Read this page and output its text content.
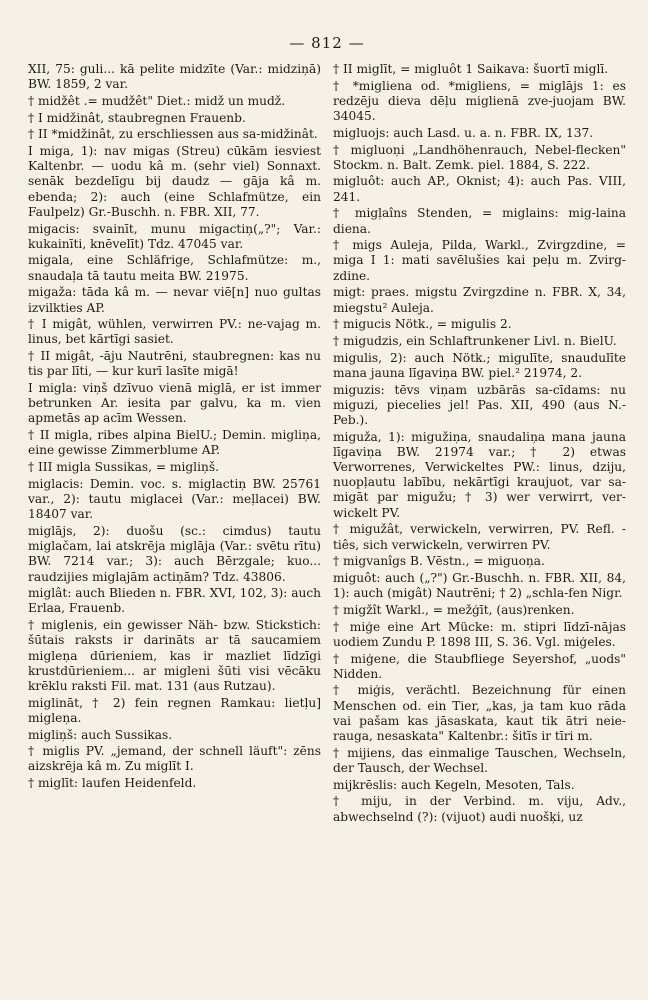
— 812 —

XII, 75: guli... kā pelite midzīte (Var.: midziņā) BW. 1859, 2 var.

† midžêt .= mudžêt" Diet.: midž un mudž.

† I midžinât, staubregnen Frauenb.

† II *midžinât, zu erschliessen aus sa-midžinât.

I miga, 1): nav migas (Streu) cūkām iesviest Kaltenbr. — uodu kâ m. (sehr viel) Sonnaxt. senāk bezdelīgu bij daudz — gāja kâ m. ebenda; 2): auch (eine Schlafmütze, ein Faulpelz) Gr.-Buschh. n. FBR. XII, 77.

migacis: svainīt, munu migactiņ(„?"; Var.: kukainīti, knēvelīt) Tdz. 47045 var.

migala, eine Schläfrige, Schlafmütze: m., snaudaļa tā tautu meita BW. 21975.

migaža: tāda kâ m. — nevar viē[n] nuo gultas izvilkties AP.

† I migât, wühlen, verwirren PV.: ne-vajag m. linus, bet kārtīgi sasiet.

† II migât, -āju Nautrēni, staubregnen: kas nu tis par līti, — kur kurī lasīte migā!

I migla: viņš dzīvuo vienā miglā, er ist immer betrunken Ar. iesita par galvu, ka m. vien apmetās ap acīm Wessen.

† II migla, ribes alpina BielU.; Demin. migliņa, eine gewisse Zimmerblume AP.

† III migla Sussikas, = migliņš.

miglacis: Demin. voc. s. miglactiņ BW. 25761 var., 2): tautu miglacei (Var.: meļlacei) BW. 18407 var.

miglājs, 2): duošu (sc.: cimdus) tautu miglačam, lai atskrēja miglāja (Var.: svētu rītu) BW. 7214 var.; 3): auch Bērzgale; kuo... raudzijies miglajām actiņām? Tdz. 43806.

miglât: auch Blieden n. FBR. XVI, 102, 3): auch Erlaa, Frauenb.

† miglenis, ein gewisser Näh- bzw. Stickstich: šūtais raksts ir darināts ar tā saucamiem migleņa dūrieniem, kas ir mazliet līdzīgi krustdūrieniem... ar migleni šūti visi vēcāku krēklu raksti Fil. mat. 131 (aus Rutzau).

miglināt, † 2) fein regnen Ramkau: lietļu] migleņa.

migliņš: auch Sussikas.

† miglis PV. „jemand, der schnell läuft": zēns aizskrēja kâ m. Zu miglīt I.

† miglīt: laufen Heidenfeld.

† II miglīt, = migluôt 1 Saikava: šuortī miglī.

† *migliena od. *migliens, = miglājs 1: es redzēju dieva dēļu miglienā zve-juojam BW. 34045.

migluojs: auch Lasd. u. a. n. FBR. IX, 137.

† migluoņi „Landhöhenrauch, Nebel-flecken" Stockm. n. Balt. Zemk. piel. 1884, S. 222.

migluôt: auch AP., Oknist; 4): auch Pas. VIII, 241.

† migļaîns Stenden, = miglains: mig-laina diena.

† migs Auleja, Pilda, Warkl., Zvirgzdine, = miga I 1: mati savēlušies kai peļu m. Zvirg-zdine.

migt: praes. migstu Zvirgzdine n. FBR. X, 34, miegstu² Auleja.

† migucis Nötk., = migulis 2.

† migudzis, ein Schlaftrunkener Livl. n. BielU.

migulis, 2): auch Nötk.; migulīte, snaudulīte mana jauna līgaviņa BW. piel.² 21974, 2.

miguzis: tēvs viņam uzbārās sa-cīdams: nu miguzi, piecelies jel! Pas. XII, 490 (aus N.-Peb.).

miguža, 1): migužiņa, snaudaliņa mana jauna līgaviņa BW. 21974 var.; † 2) etwas Verworrenes, Verwickeltes PW.: linus, dziju, nuopļautu labību, nekārtīgi kraujuot, var sa-migāt par migužu; † 3) wer verwirrt, ver-wickelt PV.

† migužât, verwickeln, verwirren, PV. Refl. -tiês, sich verwickeln, verwirren PV.

† migvanîgs B. Vēstn., = miguoņa.

miguôt: auch („?") Gr.-Buschh. n. FBR. XII, 84, 1): auch (migât) Nautrēni; † 2) „schla-fen Nigr.

† migžît Warkl., = mežģīt, (aus)renken.

† miģe eine Art Mücke: m. stipri līdzī-nājas uodiem Zundu P. 1898 III, S. 36. Vgl. miģeles.

† miģene, die Staubfliege Seyershof, „uods" Nidden.

† miģis, verächtl. Bezeichnung für einen Menschen od. ein Tier, „kas, ja tam kuo rāda vai pašam kas jāsaskata, kaut tik ātri neie-rauga, nesaskata" Kaltenbr.: šitīs ir tīri m.

† mijiens, das einmalige Tauschen, Wechseln, der Tausch, der Wechsel.

mijkrēslis: auch Kegeln, Mesoten, Tals.

† miju, in der Verbind. m. viju, Adv., abwechselnd (?): (vijuot) audi nuošķi, uz
